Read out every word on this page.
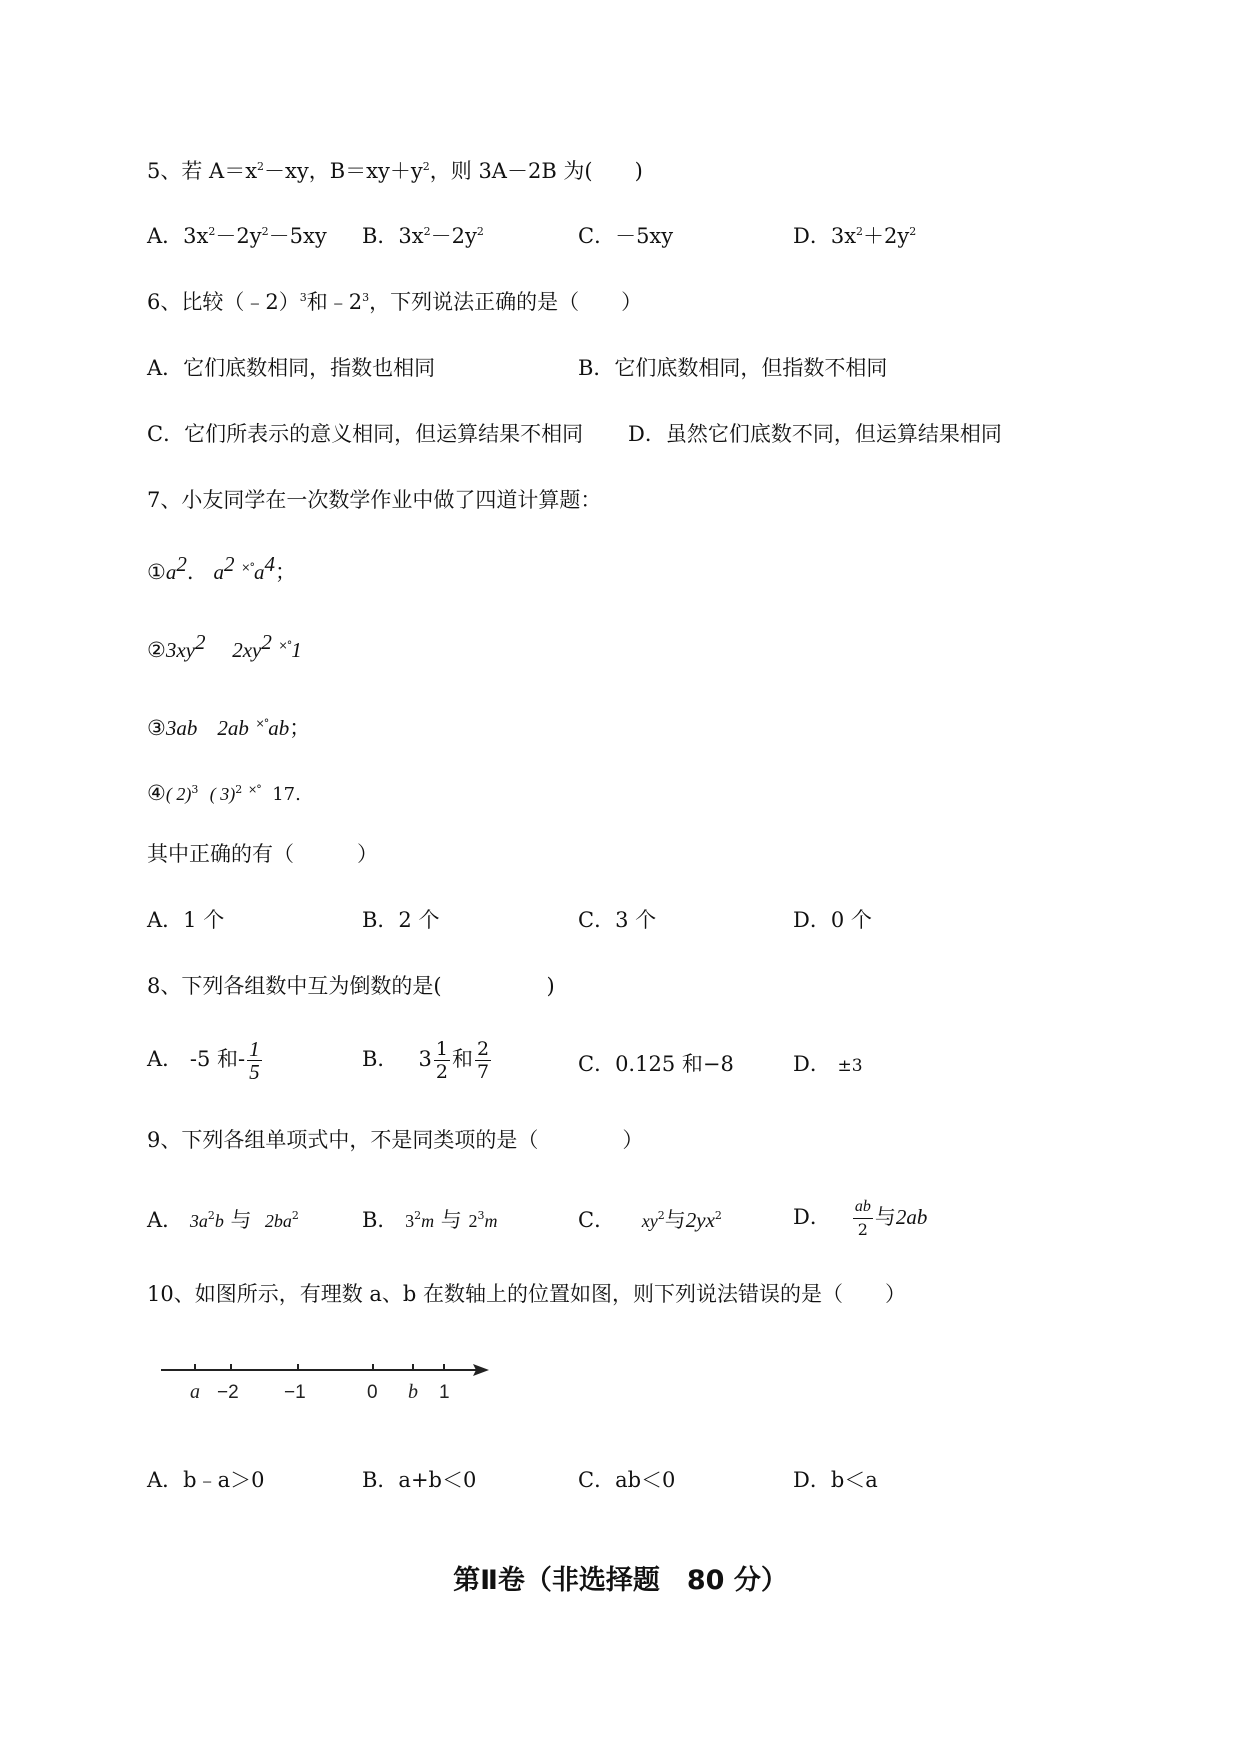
5、若 $A=x^2-xy$，$B=xy+y^2$，则 3A－2B 为(　　)
A．$3x^2-2y^2-5xy$ B．$3x^2-2y^2$	C．－5xy	D．$3x^2+2y^2$
6、比较（﹣2）$^3$和$﹣2^3$，下列说法正确的是（　　）
A．它们底数相同，指数也相同	B．它们底数相同，但指数不相同
C．它们所表示的意义相同，但运算结果不相同 D．虽然它们底数不同，但运算结果相同
7、小友同学在一次数学作业中做了四道计算题：
$①a^2$. $a^2$ $^{\times^\circ}a^4$；
$②3xy^2$ $2xy^2$ ×°1
③3ab 2ab ×°ab；
④( 2)$^3$ ( 3)$^2$ ×° 17.
其中正确的有（　　　）
A．1 个	B．2 个	C．3 个	D．0 个
8、下列各组数中互为倒数的是(　　　　　)
A． -5 和- $\frac{1}{5}$	B． $3 \frac{1}{2}$ 和 $\frac{2}{7}$	C．0.125 和−8	D． ±3
9、下列各组单项式中，不是同类项的是（　　　　）
A． $3a^2b$ 与  $2ba^2$	B． $3^2m$ 与 $2^3m$	C． $xy^2$与$2yx^2$	D． $\frac{ab}{2}$ 与2ab
10、如图所示，有理数 a、b 在数轴上的位置如图，则下列说法错误的是（　　）
a −2 −1	0 b 1
A．b﹣a＞0	B．a+b＜0	C．ab＜0	D．b＜a
第Ⅱ卷（非选择题　80 分）
